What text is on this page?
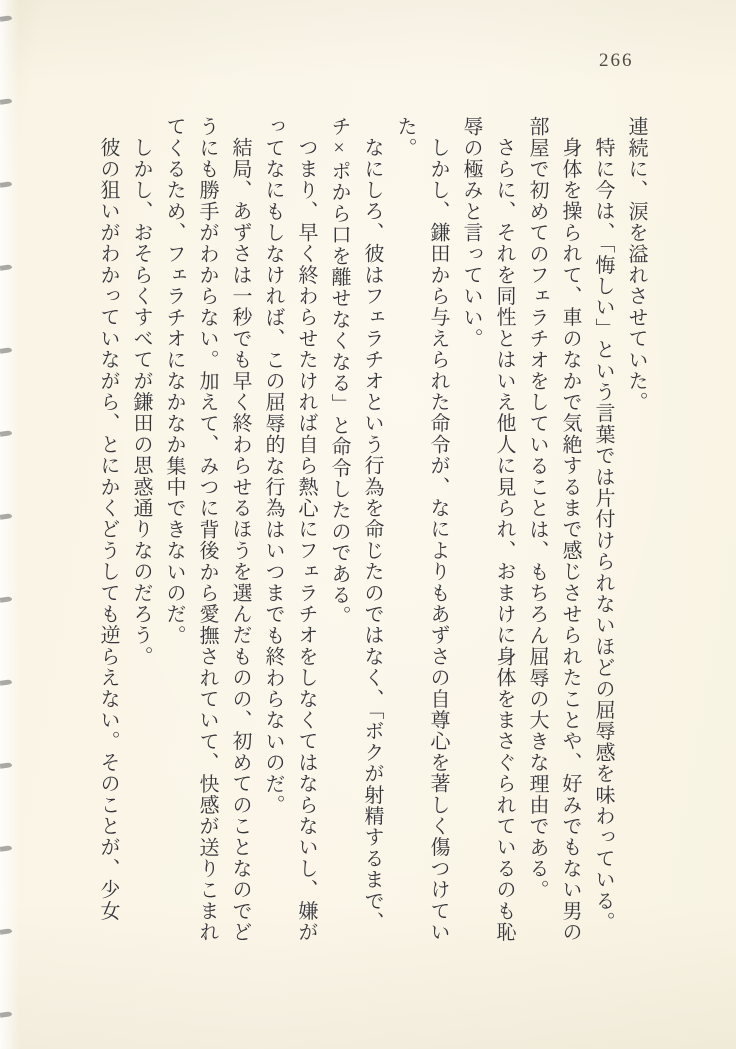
266

連続に、涙を溢れさせていた。

特に今は、「悔しい」という言葉では片付けられないほどの屈辱感を味わっている。

身体を操られて、車のなかで気絶するまで感じさせられたことや、好みでもない男の部屋で初めてのフェラチオをしていることは、もちろん屈辱の大きな理由である。

さらに、それを同性とはいえ他人に見られ、おまけに身体をまさぐられているのも恥辱の極みと言っていい。

しかし、鎌田から与えられた命令が、なによりもあずさの自尊心を著しく傷つけていた。

なにしろ、彼はフェラチオという行為を命じたのではなく、「ボクが射精するまで、チ×ポから口を離せなくなる」と命令したのである。

つまり、早く終わらせたければ自ら熱心にフェラチオをしなくてはならないし、嫌がってなにもしなければ、この屈辱的な行為はいつまでも終わらないのだ。

結局、あずさは一秒でも早く終わらせるほうを選んだものの、初めてのことなのでどうにも勝手がわからない。加えて、みつに背後から愛撫されていて、快感が送りこまれてくるため、フェラチオになかなか集中できないのだ。

しかし、おそらくすべてが鎌田の思惑通りなのだろう。

彼の狙いがわかっていながら、とにかくどうしても逆らえない。そのことが、少女
